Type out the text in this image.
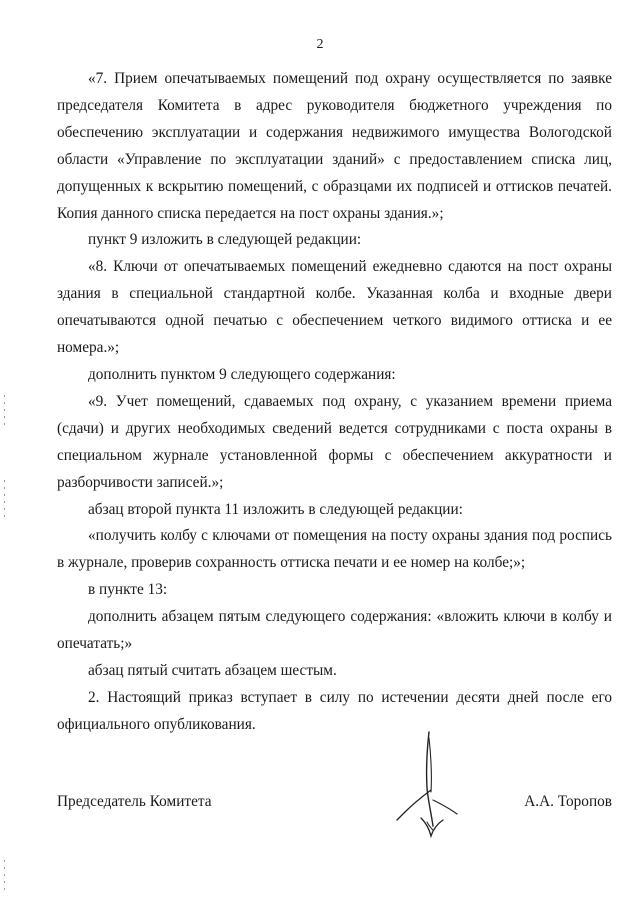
2

«7. Прием опечатываемых помещений под охрану осуществляется по заявке председателя Комитета в адрес руководителя бюджетного учреждения по обеспечению эксплуатации и содержания недвижимого имущества Вологодской области «Управление по эксплуатации зданий» с предоставлением списка лиц, допущенных к вскрытию помещений, с образцами их подписей и оттисков печатей. Копия данного списка передается на пост охраны здания.»;

пункт 9 изложить в следующей редакции:

«8. Ключи от опечатываемых помещений ежедневно сдаются на пост охраны здания в специальной стандартной колбе. Указанная колба и входные двери опечатываются одной печатью с обеспечением четкого видимого оттиска и ее номера.»;

дополнить пунктом 9 следующего содержания:

«9. Учет помещений, сдаваемых под охрану, с указанием времени приема (сдачи) и других необходимых сведений ведется сотрудниками с поста охраны в специальном журнале установленной формы с обеспечением аккуратности и разборчивости записей.»;

абзац второй пункта 11 изложить в следующей редакции:

«получить колбу с ключами от помещения на посту охраны здания под роспись в журнале, проверив сохранность оттиска печати и ее номер на колбе;»;

в пункте 13:

дополнить абзацем пятым следующего содержания: «вложить ключи в колбу и опечатать;»

абзац пятый считать абзацем шестым.

2. Настоящий приказ вступает в силу по истечении десяти дней после его официального опубликования.

Председатель Комитета	А.А. Торопов
